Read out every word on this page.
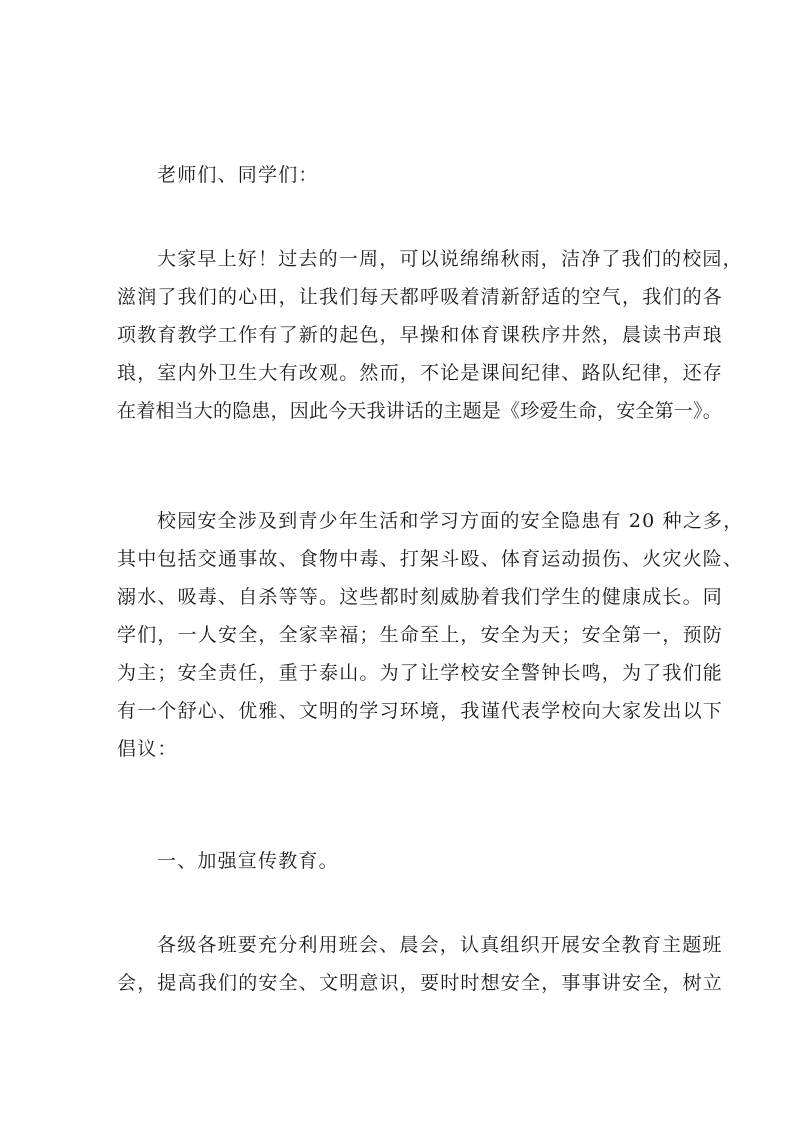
老师们、同学们：
大家早上好！过去的一周，可以说绵绵秋雨，洁净了我们的校园，
滋润了我们的心田，让我们每天都呼吸着清新舒适的空气，我们的各
项教育教学工作有了新的起色，早操和体育课秩序井然，晨读书声琅
琅，室内外卫生大有改观。然而，不论是课间纪律、路队纪律，还存
在着相当大的隐患，因此今天我讲话的主题是《珍爱生命，安全第一》。
校园安全涉及到青少年生活和学习方面的安全隐患有 20 种之多，
其中包括交通事故、食物中毒、打架斗殴、体育运动损伤、火灾火险、
溺水、吸毒、自杀等等。这些都时刻威胁着我们学生的健康成长。同
学们，一人安全，全家幸福；生命至上，安全为天；安全第一，预防
为主；安全责任，重于泰山。为了让学校安全警钟长鸣，为了我们能
有一个舒心、优雅、文明的学习环境，我谨代表学校向大家发出以下
倡议：
一、加强宣传教育。
各级各班要充分利用班会、晨会，认真组织开展安全教育主题班
会，提高我们的安全、文明意识，要时时想安全，事事讲安全，树立
